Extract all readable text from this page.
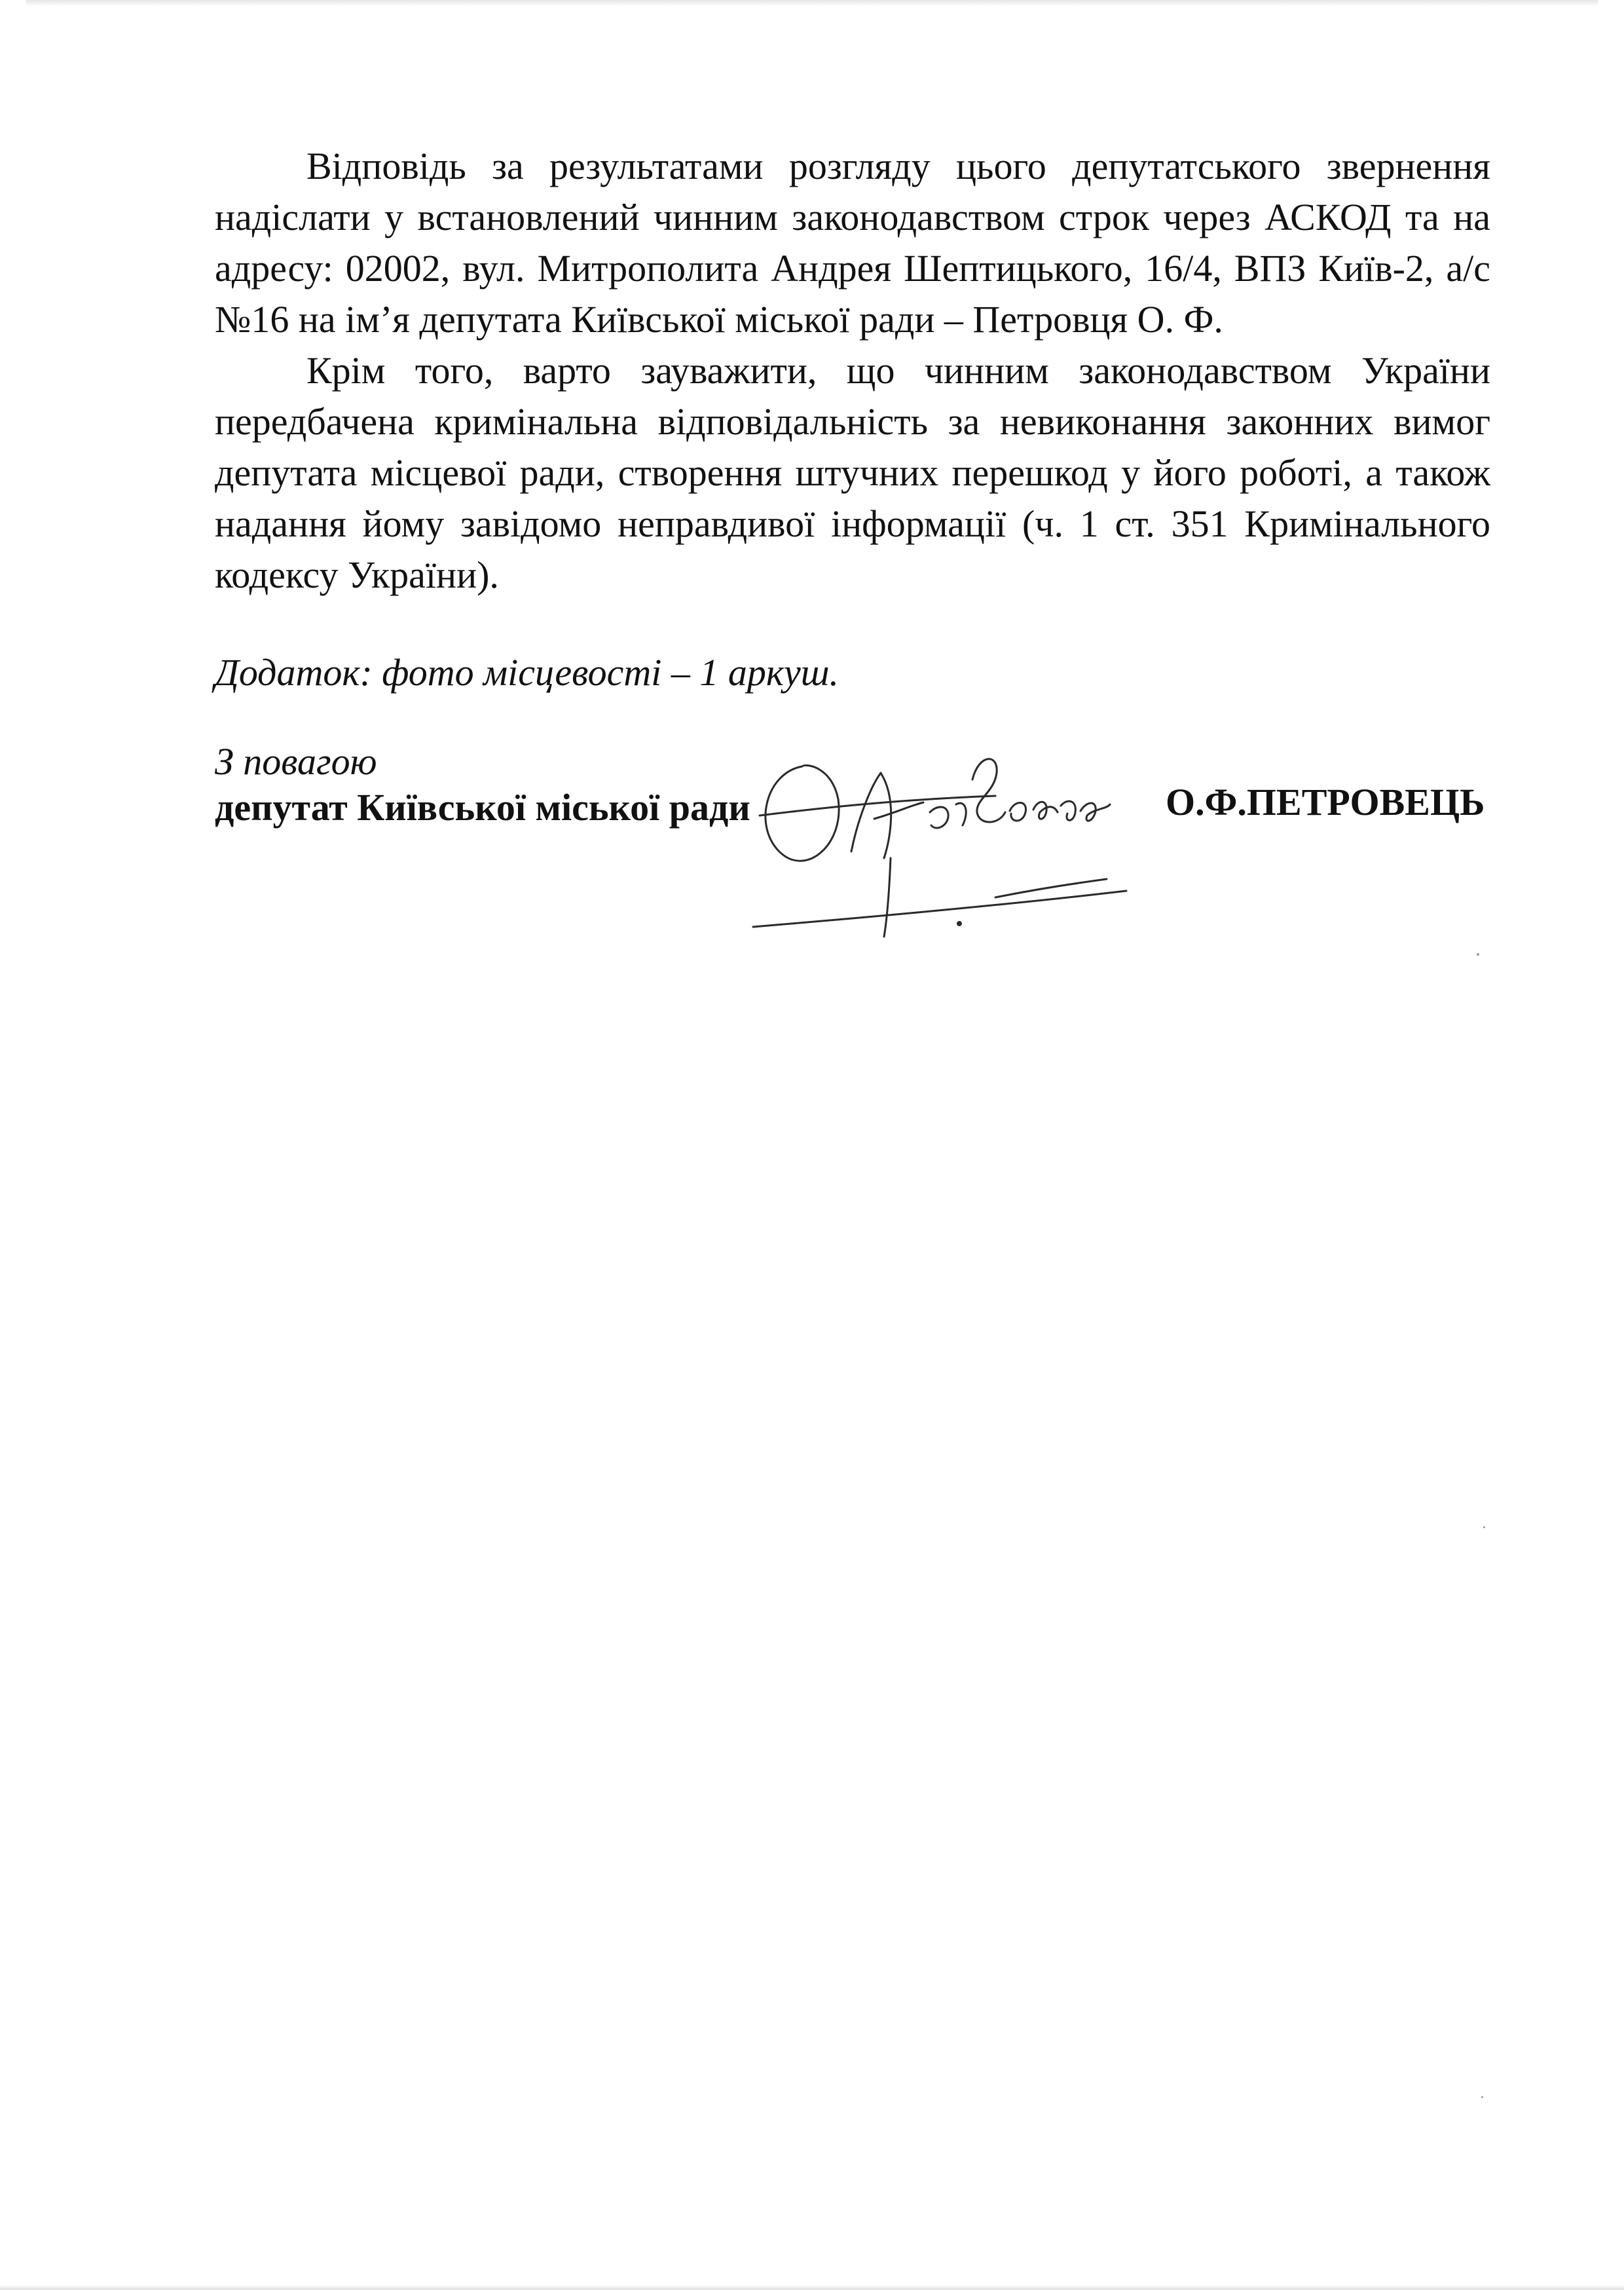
Відповідь за результатами розгляду цього депутатського звернення надіслати у встановлений чинним законодавством строк через АСКОД та на адресу: 02002, вул. Митрополита Андрея Шептицького, 16/4, ВПЗ Київ-2, а/с №16 на ім’я депутата Київської міської ради – Петровця О. Ф.

Крім того, варто зауважити, що чинним законодавством України передбачена кримінальна відповідальність за невиконання законних вимог депутата місцевої ради, створення штучних перешкод у його роботі, а також надання йому завідомо неправдивої інформації (ч. 1 ст. 351 Кримінального кодексу України).

Додаток: фото місцевості – 1 аркуш.
З повагою
депутат Київської міської ради	О.Ф.ПЕТРОВЕЦЬ
